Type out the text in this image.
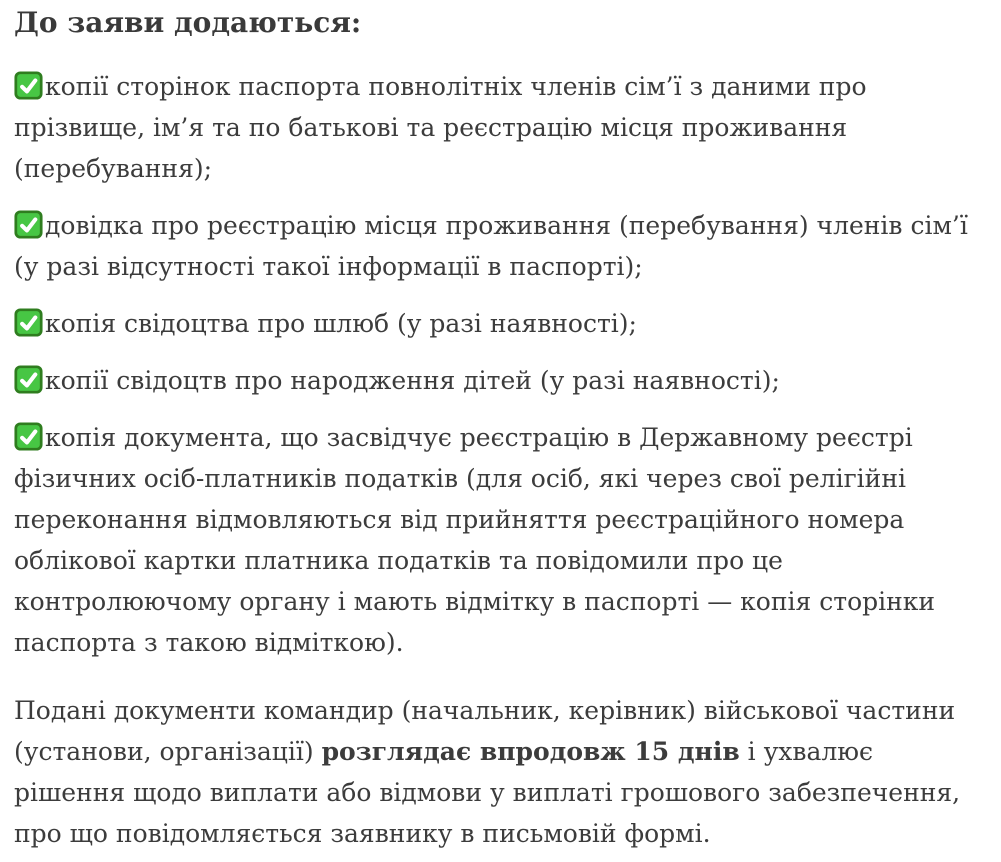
До заяви додаються:

копії сторінок паспорта повнолітніх членів сім’ї з даними про прізвище, ім’я та по батькові та реєстрацію місця проживання (перебування);

довідка про реєстрацію місця проживання (перебування) членів сім’ї (у разі відсутності такої інформації в паспорті);

копія свідоцтва про шлюб (у разі наявності);

копії свідоцтв про народження дітей (у разі наявності);

копія документа, що засвідчує реєстрацію в Державному реєстрі фізичних осіб-платників податків (для осіб, які через свої релігійні переконання відмовляються від прийняття реєстраційного номера облікової картки платника податків та повідомили про це контролюючому органу і мають відмітку в паспорті — копія сторінки паспорта з такою відміткою).

Подані документи командир (начальник, керівник) військової частини (установи, організації) розглядає впродовж 15 днів і ухвалює рішення щодо виплати або відмови у виплаті грошового забезпечення, про що повідомляється заявнику в письмовій формі.
